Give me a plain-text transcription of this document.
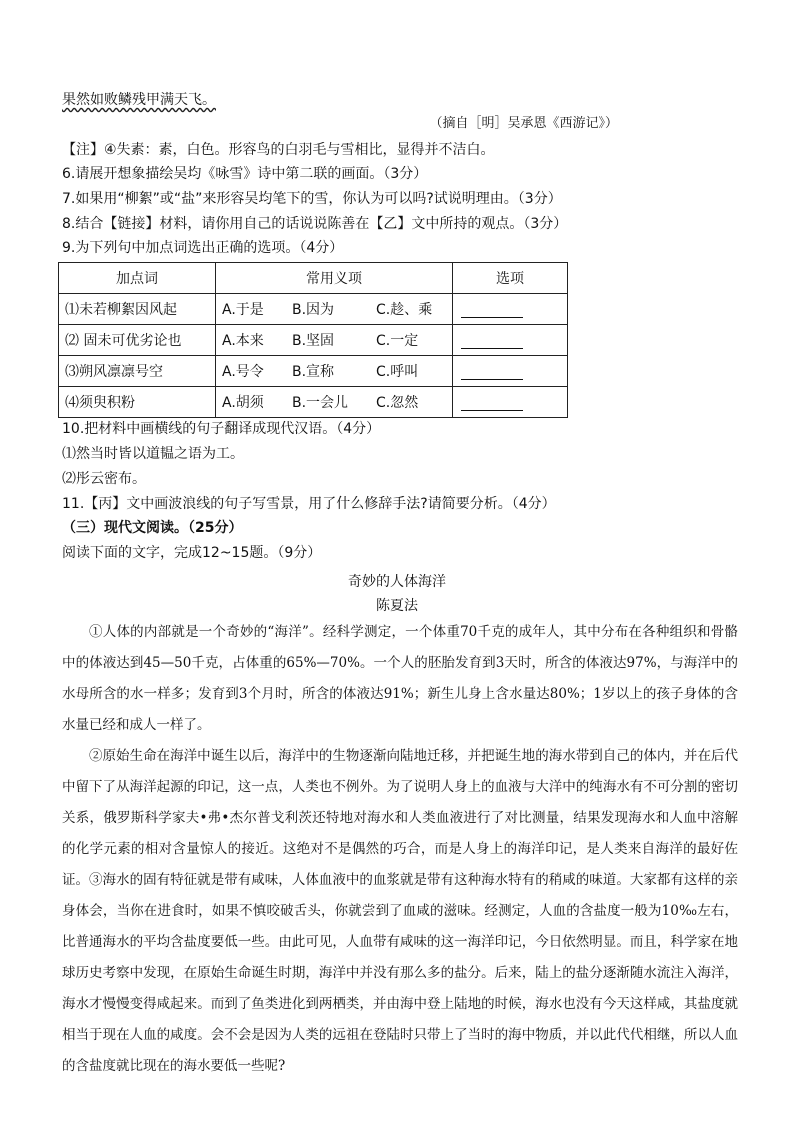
果然如败鳞残甲满天飞。
（摘自［明］吴承恩《西游记》）
【注】④失素：素，白色。形容鸟的白羽毛与雪相比，显得并不洁白。
6.请展开想象描绘吴均《咏雪》诗中第二联的画面。（3分）
7.如果用“柳絮”或“盐”来形容吴均笔下的雪，你认为可以吗?试说明理由。（3分）
8.结合【链接】材料，请你用自己的话说说陈善在【乙】文中所持的观点。（3分）
9.为下列句中加点词选出正确的选项。（4分）
加点词	常用义项	选项
⑴未若柳絮因风起	A.于是 B.因为 C.趁、乘	
⑵ 固未可优劣论也	A.本来 B.坚固 C.一定	
⑶朔风凛凛号空	A.号令 B.宣称 C.呼叫	
⑷须臾积粉	A.胡须 B.一会儿 C.忽然	
10.把材料中画横线的句子翻译成现代汉语。（4分）
⑴然当时皆以道韫之语为工。
⑵彤云密布。
11.【丙】文中画波浪线的句子写雪景，用了什么修辞手法?请简要分析。（4分）
（三）现代文阅读。（25分）
阅读下面的文字，完成12~15题。（9分）
奇妙的人体海洋
陈夏法

①人体的内部就是一个奇妙的“海洋”。经科学测定，一个体重70千克的成年人，其中分布在各种组织和骨骼中的体液达到45—50千克，占体重的65%—70%。一个人的胚胎发育到3天时，所含的体液达97%，与海洋中的水母所含的水一样多；发育到3个月时，所含的体液达91%；新生儿身上含水量达80%；1岁以上的孩子身体的含水量已经和成人一样了。

②原始生命在海洋中诞生以后，海洋中的生物逐渐向陆地迁移，并把诞生地的海水带到自己的体内，并在后代中留下了从海洋起源的印记，这一点，人类也不例外。为了说明人身上的血液与大洋中的纯海水有不可分割的密切关系，俄罗斯科学家夫•弗•杰尔普戈利茨还特地对海水和人类血液进行了对比测量，结果发现海水和人血中溶解的化学元素的相对含量惊人的接近。这绝对不是偶然的巧合，而是人身上的海洋印记，是人类来自海洋的最好佐证。 ③海水的固有特征就是带有咸味，人体血液中的血浆就是带有这种海水特有的稍咸的味道。大家都有这样的亲身体会，当你在进食时，如果不慎咬破舌头，你就尝到了血咸的滋味。经测定，人血的含盐度一般为10‰左右，比普通海水的平均含盐度要低一些。由此可见，人血带有咸味的这一海洋印记，今日依然明显。而且，科学家在地球历史考察中发现，在原始生命诞生时期，海洋中并没有那么多的盐分。后来，陆上的盐分逐渐随水流注入海洋，海水才慢慢变得咸起来。而到了鱼类进化到两栖类，并由海中登上陆地的时候，海水也没有今天这样咸，其盐度就相当于现在人血的咸度。会不会是因为人类的远祖在登陆时只带上了当时的海中物质，并以此代代相继，所以人血的含盐度就比现在的海水要低一些呢?
